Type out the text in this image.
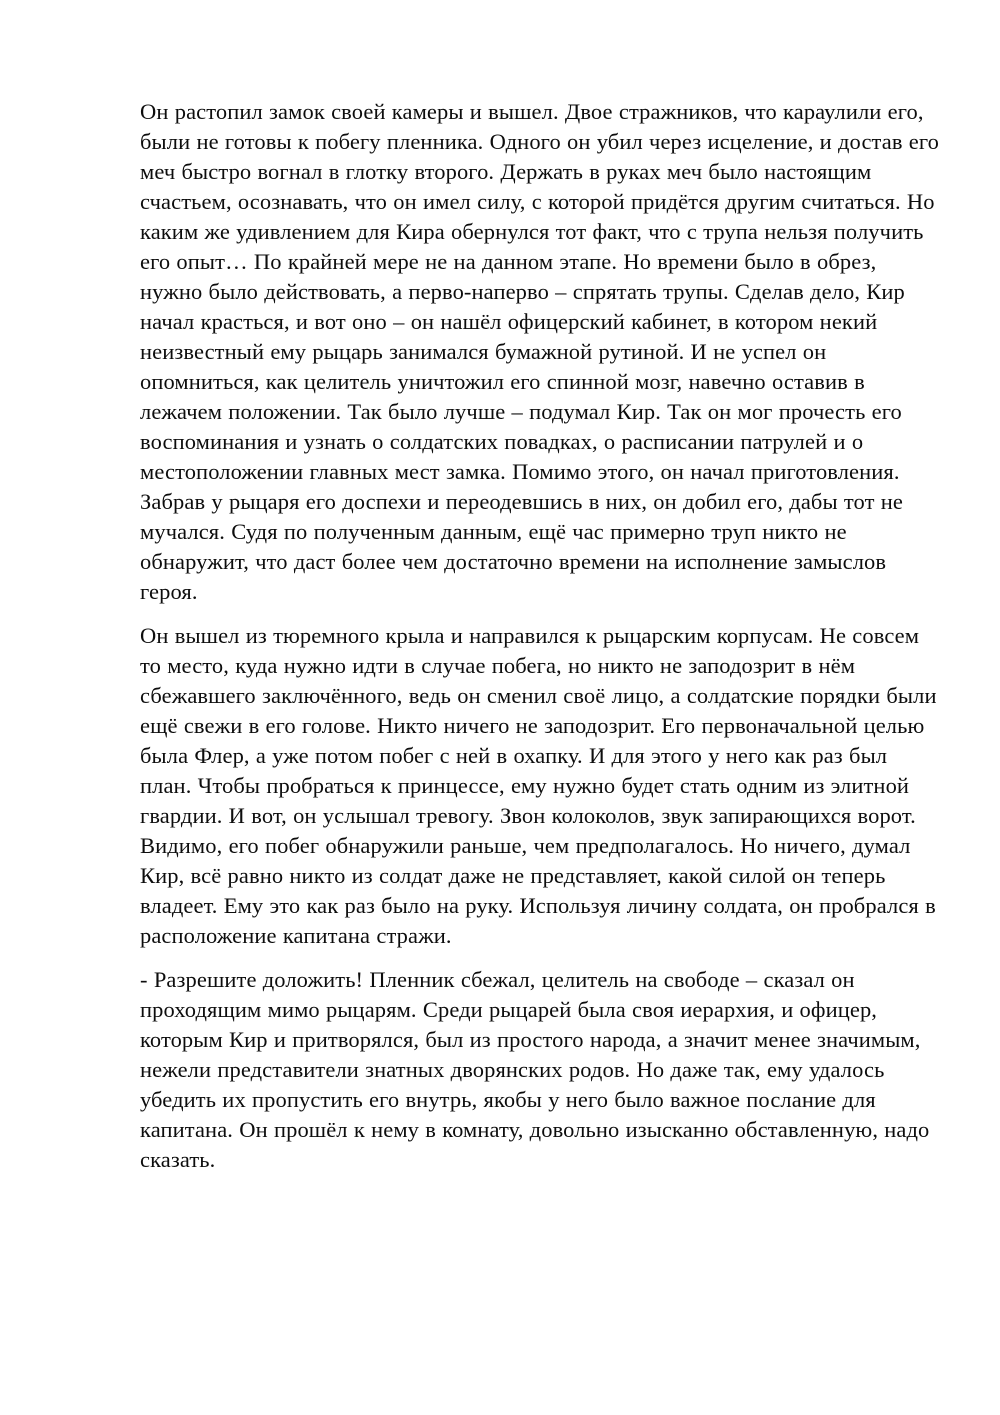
Он растопил замок своей камеры и вышел. Двое стражников, что караулили его, были не готовы к побегу пленника. Одного он убил через исцеление, и достав его меч быстро вогнал в глотку второго. Держать в руках меч было настоящим счастьем, осознавать, что он имел силу, с которой придётся другим считаться. Но каким же удивлением для Кира обернулся тот факт, что с трупа нельзя получить его опыт… По крайней мере не на данном этапе. Но времени было в обрез, нужно было действовать, а перво-наперво – спрятать трупы. Сделав дело, Кир начал красться, и вот оно – он нашёл офицерский кабинет, в котором некий неизвестный ему рыцарь занимался бумажной рутиной. И не успел он опомниться, как целитель уничтожил его спинной мозг, навечно оставив в лежачем положении. Так было лучше – подумал Кир. Так он мог прочесть его воспоминания и узнать о солдатских повадках, о расписании патрулей и о местоположении главных мест замка. Помимо этого, он начал приготовления. Забрав у рыцаря его доспехи и переодевшись в них, он добил его, дабы тот не мучался. Судя по полученным данным, ещё час примерно труп никто не обнаружит, что даст более чем достаточно времени на исполнение замыслов героя.

Он вышел из тюремного крыла и направился к рыцарским корпусам. Не совсем то место, куда нужно идти в случае побега, но никто не заподозрит в нём сбежавшего заключённого, ведь он сменил своё лицо, а солдатские порядки были ещё свежи в его голове. Никто ничего не заподозрит. Его первоначальной целью была Флер, а уже потом побег с ней в охапку. И для этого у него как раз был план. Чтобы пробраться к принцессе, ему нужно будет стать одним из элитной гвардии. И вот, он услышал тревогу. Звон колоколов, звук запирающихся ворот. Видимо, его побег обнаружили раньше, чем предполагалось. Но ничего, думал Кир, всё равно никто из солдат даже не представляет, какой силой он теперь владеет. Ему это как раз было на руку. Используя личину солдата, он пробрался в расположение капитана стражи.

- Разрешите доложить! Пленник сбежал, целитель на свободе – сказал он проходящим мимо рыцарям. Среди рыцарей была своя иерархия, и офицер, которым Кир и притворялся, был из простого народа, а значит менее значимым, нежели представители знатных дворянских родов. Но даже так, ему удалось убедить их пропустить его внутрь, якобы у него было важное послание для капитана. Он прошёл к нему в комнату, довольно изысканно обставленную, надо сказать.
